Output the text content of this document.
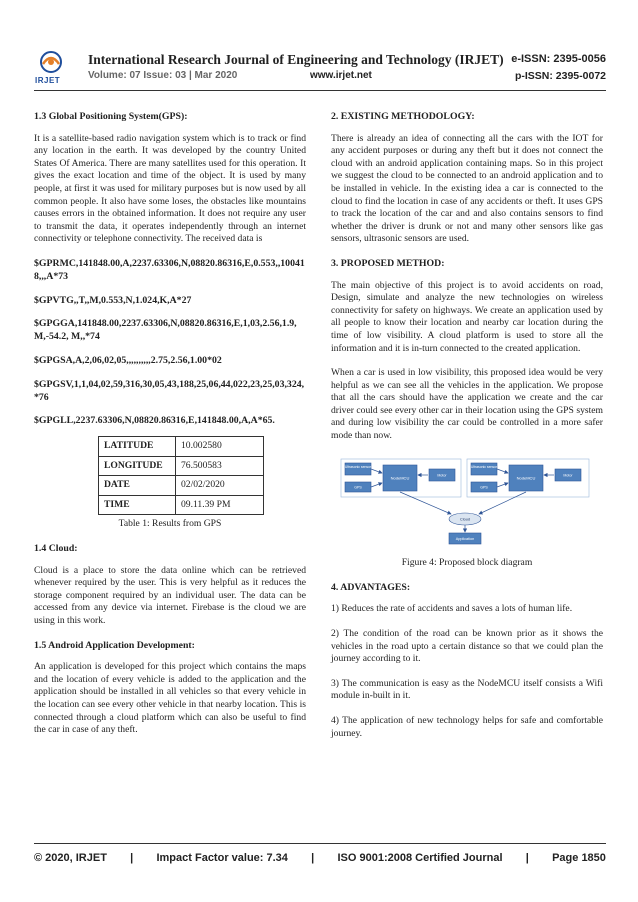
IRJET
International Research Journal of Engineering and Technology (IRJET) e-ISSN: 2395-0056
Volume: 07 Issue: 03 | Mar 2020	www.irjet.net	p-ISSN: 2395-0072
1.3 Global Positioning System(GPS):
It is a satellite-based radio navigation system which is to track or find any location in the earth. It was developed by the country United States Of America. There are many satellites used for this operation. It gives the exact location and time of the object. It is used by many people, at first it was used for military purposes but is now used by all common people. It also have some loses, the obstacles like mountains causes errors in the obtained information. It does not require any user to transmit the data, it operates independently through an internet connectivity or telephone connectivity. The received data is
$GPRMC,141848.00,A,2237.63306,N,08820.86316,E,0.553,,100418,,,A*73
$GPVTG,,T,,M,0.553,N,1.024,K,A*27
$GPGGA,141848.00,2237.63306,N,08820.86316,E,1,03,2.56,1.9,M,-54.2, M,,*74
$GPGSA,A,2,06,02,05,,,,,,,,,,2.75,2.56,1.00*02
$GPGSV,1,1,04,02,59,316,30,05,43,188,25,06,44,022,23,25,03,324,*76
$GPGLL,2237.63306,N,08820.86316,E,141848.00,A,A*65.
LATITUDE	10.002580
LONGITUDE	76.500583
DATE	02/02/2020
TIME	09.11.39 PM
Table 1: Results from GPS
1.4 Cloud:
Cloud is a place to store the data online which can be retrieved whenever required by the user. This is very helpful as it reduces the storage component required by an individual user. The data can be accessed from any device via internet. Firebase is the cloud we are using in this work.
1.5 Android Application Development:
An application is developed for this project which contains the maps and the location of every vehicle is added to the application and the application should be installed in all vehicles so that every vehicle in the location can see every other vehicle in that nearby location. This is connected through a cloud platform which can also be useful to find the car in case of any theft.
2. EXISTING METHODOLOGY:
There is already an idea of connecting all the cars with the IOT for any accident purposes or during any theft but it does not connect the cloud with an android application containing maps. So in this project we suggest the cloud to be connected to an android application and to be installed in vehicle. In the existing idea a car is connected to the cloud to find the location in case of any accidents or theft. It uses GPS to track the location of the car and and also contains sensors to find whether the driver is drunk or not and many other sensors like gas sensors, ultrasonic sensors are used.
3. PROPOSED METHOD:
The main objective of this project is to avoid accidents on road, Design, simulate and analyze the new technologies on wireless connectivity for safety on highways. We create an application used by all people to know their location and nearby car location during the time of low visibility. A cloud platform is used to store all the information and it is in-turn connected to the created application.
When a car is used in low visibility, this proposed idea would be very helpful as we can see all the vehicles in the application. We propose that all the cars should have the application we create and the car driver could see every other car in their location using the GPS system and during low visibility the car could be controlled in a more safer mode than now.
Ultrasonic sensor
GPS
NodeMCU	Motor
Ultrasonic sensor
GPS
NodeMCU	Motor
Cloud
Application
Figure 4: Proposed block diagram
4. ADVANTAGES:
1) Reduces the rate of accidents and saves a lots of human life.
2) The condition of the road can be known prior as it shows the vehicles in the road upto a certain distance so that we could plan the journey according to it.
3) The communication is easy as the NodeMCU itself consists a Wifi module in-built in it.
4) The application of new technology helps for safe and comfortable journey.
© 2020, IRJET | Impact Factor value: 7.34 | ISO 9001:2008 Certified Journal | Page 1850
